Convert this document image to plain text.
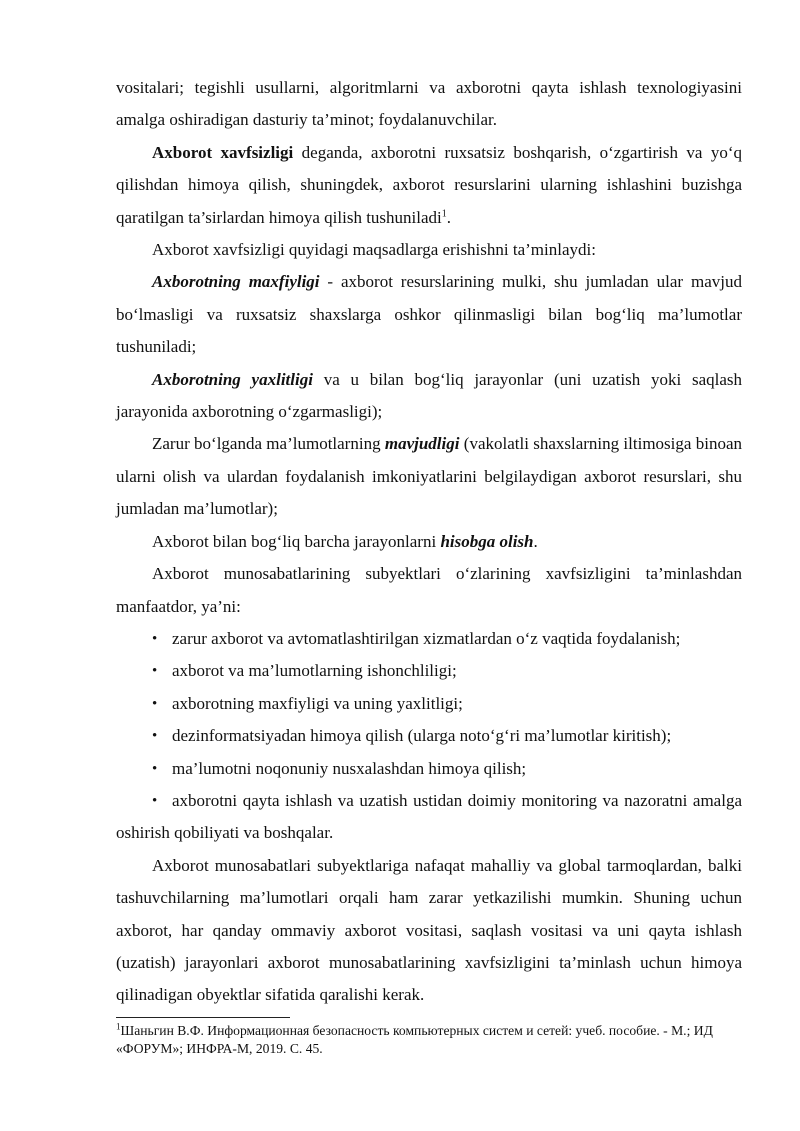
vositalari; tegishli usullarni, algoritmlarni va axborotni qayta ishlash texnologiyasini amalga oshiradigan dasturiy ta’minot; foydalanuvchilar.

Axborot xavfsizligi deganda, axborotni ruxsatsiz boshqarish, o‘zgartirish va yo‘q qilishdan himoya qilish, shuningdek, axborot resurslarini ularning ishlashini buzishga qaratilgan ta’sirlardan himoya qilish tushuniladi$^1$.

Axborot xavfsizligi quyidagi maqsadlarga erishishni ta’minlaydi:

Axborotning maxfiyligi - axborot resurslarining mulki, shu jumladan ular mavjud bo‘lmasligi va ruxsatsiz shaxslarga oshkor qilinmasligi bilan bog‘liq ma’lumotlar tushuniladi;

Axborotning yaxlitligi va u bilan bog‘liq jarayonlar (uni uzatish yoki saqlash jarayonida axborotning o‘zgarmasligi);

Zarur bo‘lganda ma’lumotlarning mavjudligi (vakolatli shaxslarning iltimosiga binoan ularni olish va ulardan foydalanish imkoniyatlarini belgilaydigan axborot resurslari, shu jumladan ma’lumotlar);

Axborot bilan bog‘liq barcha jarayonlarni hisobga olish.

Axborot munosabatlarining subyektlari o‘zlarining xavfsizligini ta’minlashdan manfaatdor, ya’ni:

• zarur axborot va avtomatlashtirilgan xizmatlardan o‘z vaqtida foydalanish;
• axborot va ma’lumotlarning ishonchliligi;
• axborotning maxfiyligi va uning yaxlitligi;
• dezinformatsiyadan himoya qilish (ularga noto‘g‘ri ma’lumotlar kiritish);
• ma’lumotni noqonuniy nusxalashdan himoya qilish;
• axborotni qayta ishlash va uzatish ustidan doimiy monitoring va nazoratni amalga oshirish qobiliyati va boshqalar.

Axborot munosabatlari subyektlariga nafaqat mahalliy va global tarmoqlardan, balki tashuvchilarning ma’lumotlari orqali ham zarar yetkazilishi mumkin. Shuning uchun axborot, har qanday ommaviy axborot vositasi, saqlash vositasi va uni qayta ishlash (uzatish) jarayonlari axborot munosabatlarining xavfsizligini ta’minlash uchun himoya qilinadigan obyektlar sifatida qaralishi kerak.

$^1$Шаньгин В.Ф. Информационная безопасность компьютерных систем и сетей: учеб. пособие. - М.; ИД «ФОРУМ»; ИНФРА-М, 2019. С. 45.
